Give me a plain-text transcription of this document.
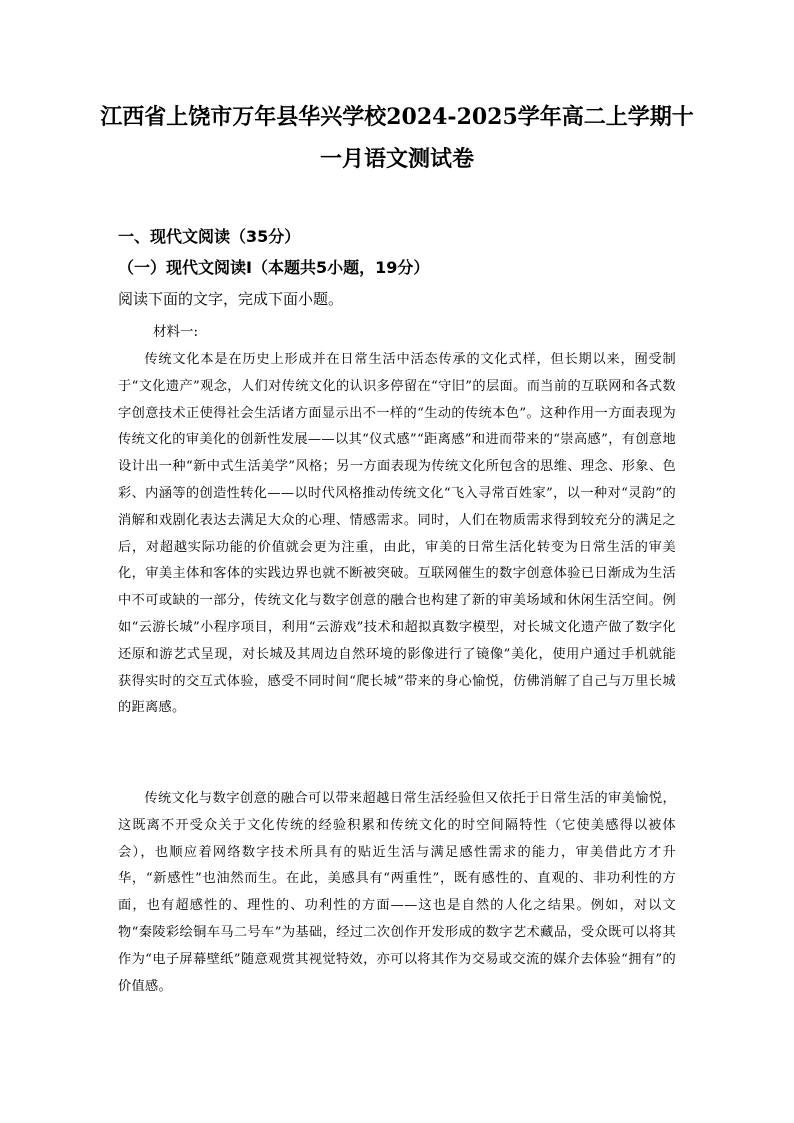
江西省上饶市万年县华兴学校2024-2025学年高二上学期十
一月语文测试卷
一、现代文阅读（35分）
（一）现代文阅读Ⅰ（本题共5小题，19分）
阅读下面的文字，完成下面小题。
材料一:
传统文化本是在历史上形成并在日常生活中活态传承的文化式样，但长期以来，囿受制于“文化遗产”观念，人们对传统文化的认识多停留在“守旧”的层面。而当前的互联网和各式数字创意技术正使得社会生活诸方面显示出不一样的“生动的传统本色”。这种作用一方面表现为传统文化的审美化的创新性发展——以其“仪式感”“距离感”和进而带来的“崇高感”，有创意地设计出一种“新中式生活美学”风格；另一方面表现为传统文化所包含的思维、理念、形象、色彩、内涵等的创造性转化——以时代风格推动传统文化“飞入寻常百姓家”，以一种对“灵韵”的消解和戏剧化表达去满足大众的心理、情感需求。同时，人们在物质需求得到较充分的满足之后，对超越实际功能的价值就会更为注重，由此，审美的日常生活化转变为日常生活的审美化，审美主体和客体的实践边界也就不断被突破。互联网催生的数字创意体验已日渐成为生活中不可或缺的一部分，传统文化与数字创意的融合也构建了新的审美场域和休闲生活空间。例如“云游长城”小程序项目，利用“云游戏”技术和超拟真数字模型，对长城文化遗产做了数字化还原和游艺式呈现，对长城及其周边自然环境的影像进行了镜像”美化，使用户通过手机就能获得实时的交互式体验，感受不同时间“爬长城”带来的身心愉悦，仿佛消解了自己与万里长城的距离感。
传统文化与数字创意的融合可以带来超越日常生活经验但又依托于日常生活的审美愉悦，这既离不开受众关于文化传统的经验积累和传统文化的时空间隔特性（它使美感得以被体会），也顺应着网络数字技术所具有的贴近生活与满足感性需求的能力，审美借此方才升华，“新感性”也油然而生。在此，美感具有“两重性”，既有感性的、直观的、非功利性的方面，也有超感性的、理性的、功利性的方面——这也是自然的人化之结果。例如，对以文物“秦陵彩绘铜车马二号车”为基础，经过二次创作开发形成的数字艺术藏品，受众既可以将其作为“电子屏幕壁纸”随意观赏其视觉特效，亦可以将其作为交易或交流的媒介去体验“拥有”的价值感。
